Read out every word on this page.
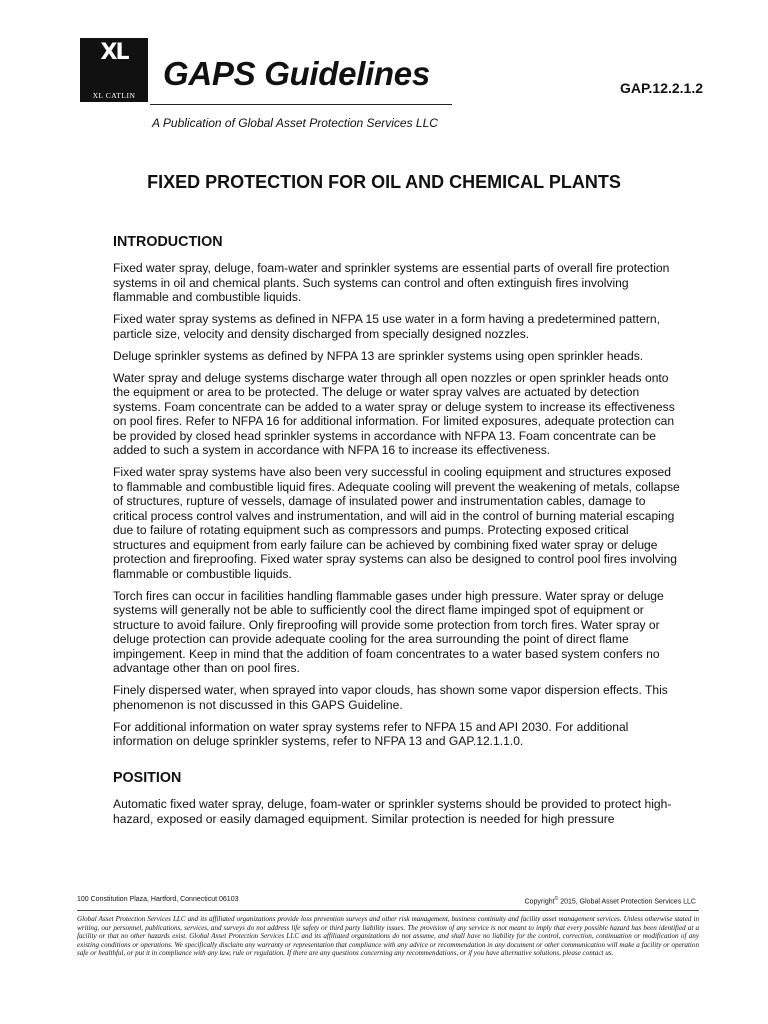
XL
XL CATLIN
GAPS Guidelines	GAP.12.2.1.2
A Publication of Global Asset Protection Services LLC
FIXED PROTECTION FOR OIL AND CHEMICAL PLANTS
INTRODUCTION

Fixed water spray, deluge, foam-water and sprinkler systems are essential parts of overall fire protection systems in oil and chemical plants. Such systems can control and often extinguish fires involving flammable and combustible liquids.

Fixed water spray systems as defined in NFPA 15 use water in a form having a predetermined pattern, particle size, velocity and density discharged from specially designed nozzles.

Deluge sprinkler systems as defined by NFPA 13 are sprinkler systems using open sprinkler heads.

Water spray and deluge systems discharge water through all open nozzles or open sprinkler heads onto the equipment or area to be protected. The deluge or water spray valves are actuated by detection systems. Foam concentrate can be added to a water spray or deluge system to increase its effectiveness on pool fires. Refer to NFPA 16 for additional information. For limited exposures, adequate protection can be provided by closed head sprinkler systems in accordance with NFPA 13. Foam concentrate can be added to such a system in accordance with NFPA 16 to increase its effectiveness.

Fixed water spray systems have also been very successful in cooling equipment and structures exposed to flammable and combustible liquid fires. Adequate cooling will prevent the weakening of metals, collapse of structures, rupture of vessels, damage of insulated power and instrumentation cables, damage to critical process control valves and instrumentation, and will aid in the control of burning material escaping due to failure of rotating equipment such as compressors and pumps. Protecting exposed critical structures and equipment from early failure can be achieved by combining fixed water spray or deluge protection and fireproofing. Fixed water spray systems can also be designed to control pool fires involving flammable or combustible liquids.

Torch fires can occur in facilities handling flammable gases under high pressure. Water spray or deluge systems will generally not be able to sufficiently cool the direct flame impinged spot of equipment or structure to avoid failure. Only fireproofing will provide some protection from torch fires. Water spray or deluge protection can provide adequate cooling for the area surrounding the point of direct flame impingement. Keep in mind that the addition of foam concentrates to a water based system confers no advantage other than on pool fires.

Finely dispersed water, when sprayed into vapor clouds, has shown some vapor dispersion effects. This phenomenon is not discussed in this GAPS Guideline.

For additional information on water spray systems refer to NFPA 15 and API 2030. For additional information on deluge sprinkler systems, refer to NFPA 13 and GAP.12.1.1.0.

POSITION

Automatic fixed water spray, deluge, foam-water or sprinkler systems should be provided to protect high-hazard, exposed or easily damaged equipment. Similar protection is needed for high pressure

100 Constitution Plaza, Hartford, Connecticut 06103	Copyright© 2015, Global Asset Protection Services LLC

Global Asset Protection Services LLC and its affiliated organizations provide loss prevention surveys and other risk management, business continuity and facility asset management services. Unless otherwise stated in writing, our personnel, publications, services, and surveys do not address life safety or third party liability issues. The provision of any service is not meant to imply that every possible hazard has been identified at a facility or that no other hazards exist. Global Asset Protection Services LLC and its affiliated organizations do not assume, and shall have no liability for the control, correction, continuation or modification of any existing conditions or operations. We specifically disclaim any warranty or representation that compliance with any advice or recommendation in any document or other communication will make a facility or operation safe or healthful, or put it in compliance with any law, rule or regulation. If there are any questions concerning any recommendations, or if you have alternative solutions, please contact us.
